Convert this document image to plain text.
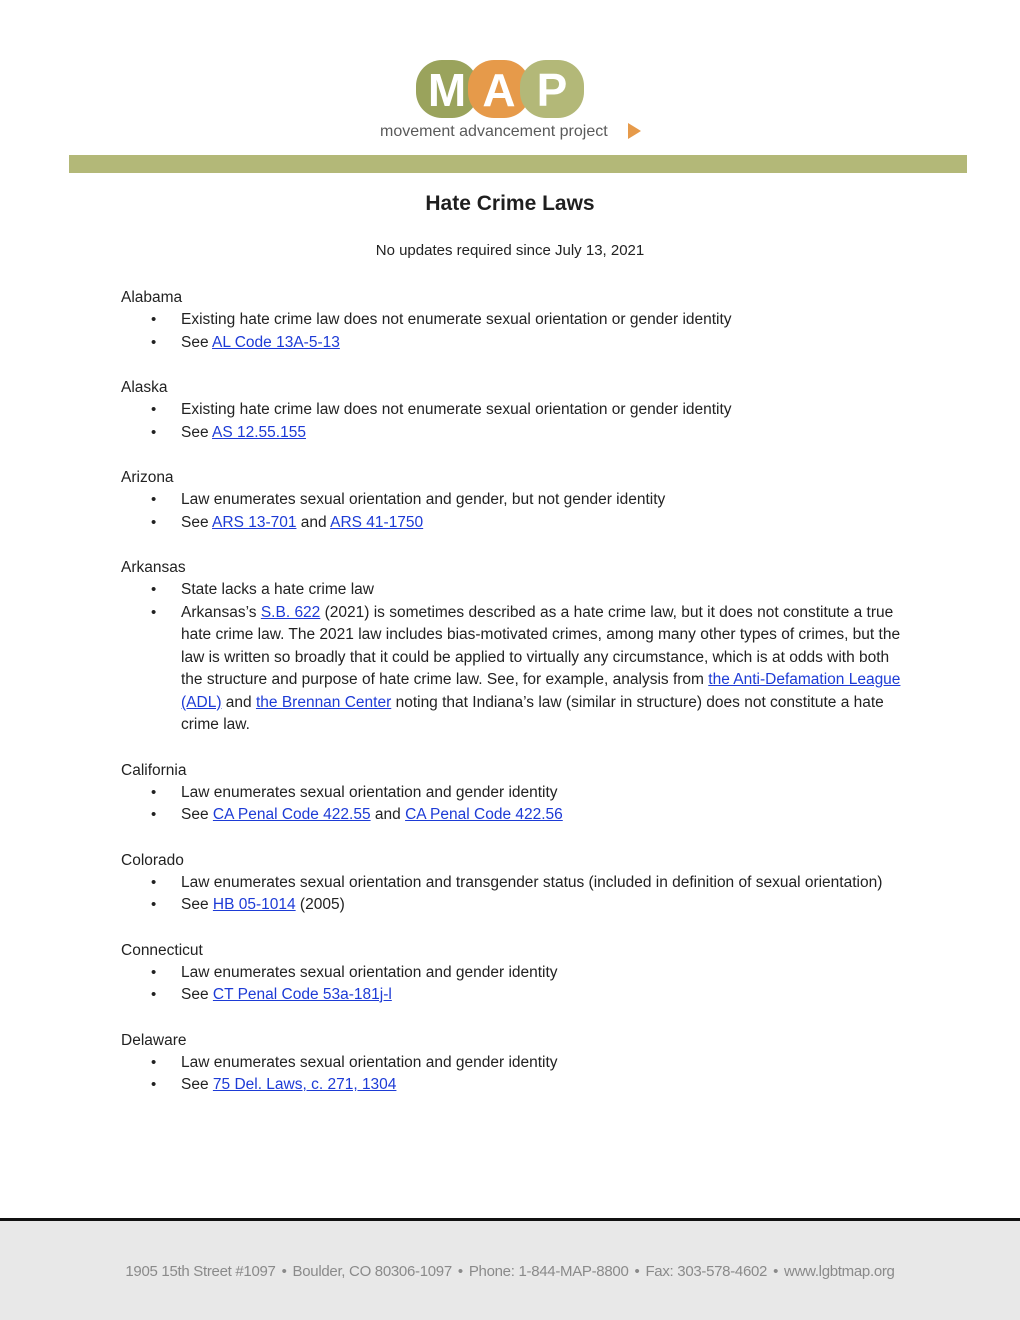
M A P
movement advancement project
Hate Crime Laws
No updates required since July 13, 2021
Alabama
• Existing hate crime law does not enumerate sexual orientation or gender identity
• See AL Code 13A-5-13
Alaska
• Existing hate crime law does not enumerate sexual orientation or gender identity
• See AS 12.55.155
Arizona
• Law enumerates sexual orientation and gender, but not gender identity
• See ARS 13-701 and ARS 41-1750
Arkansas
• State lacks a hate crime law
• Arkansas’s S.B. 622 (2021) is sometimes described as a hate crime law, but it does not constitute a true hate crime law. The 2021 law includes bias-motivated crimes, among many other types of crimes, but the law is written so broadly that it could be applied to virtually any circumstance, which is at odds with both the structure and purpose of hate crime law. See, for example, analysis from the Anti-Defamation League (ADL) and the Brennan Center noting that Indiana’s law (similar in structure) does not constitute a hate crime law.
California
• Law enumerates sexual orientation and gender identity
• See CA Penal Code 422.55 and CA Penal Code 422.56
Colorado
• Law enumerates sexual orientation and transgender status (included in definition of sexual orientation)
• See HB 05-1014 (2005)
Connecticut
• Law enumerates sexual orientation and gender identity
• See CT Penal Code 53a-181j-l
Delaware
• Law enumerates sexual orientation and gender identity
• See 75 Del. Laws, c. 271, 1304
1905 15th Street #1097 • Boulder, CO 80306-1097 • Phone: 1-844-MAP-8800 • Fax: 303-578-4602 • www.lgbtmap.org
